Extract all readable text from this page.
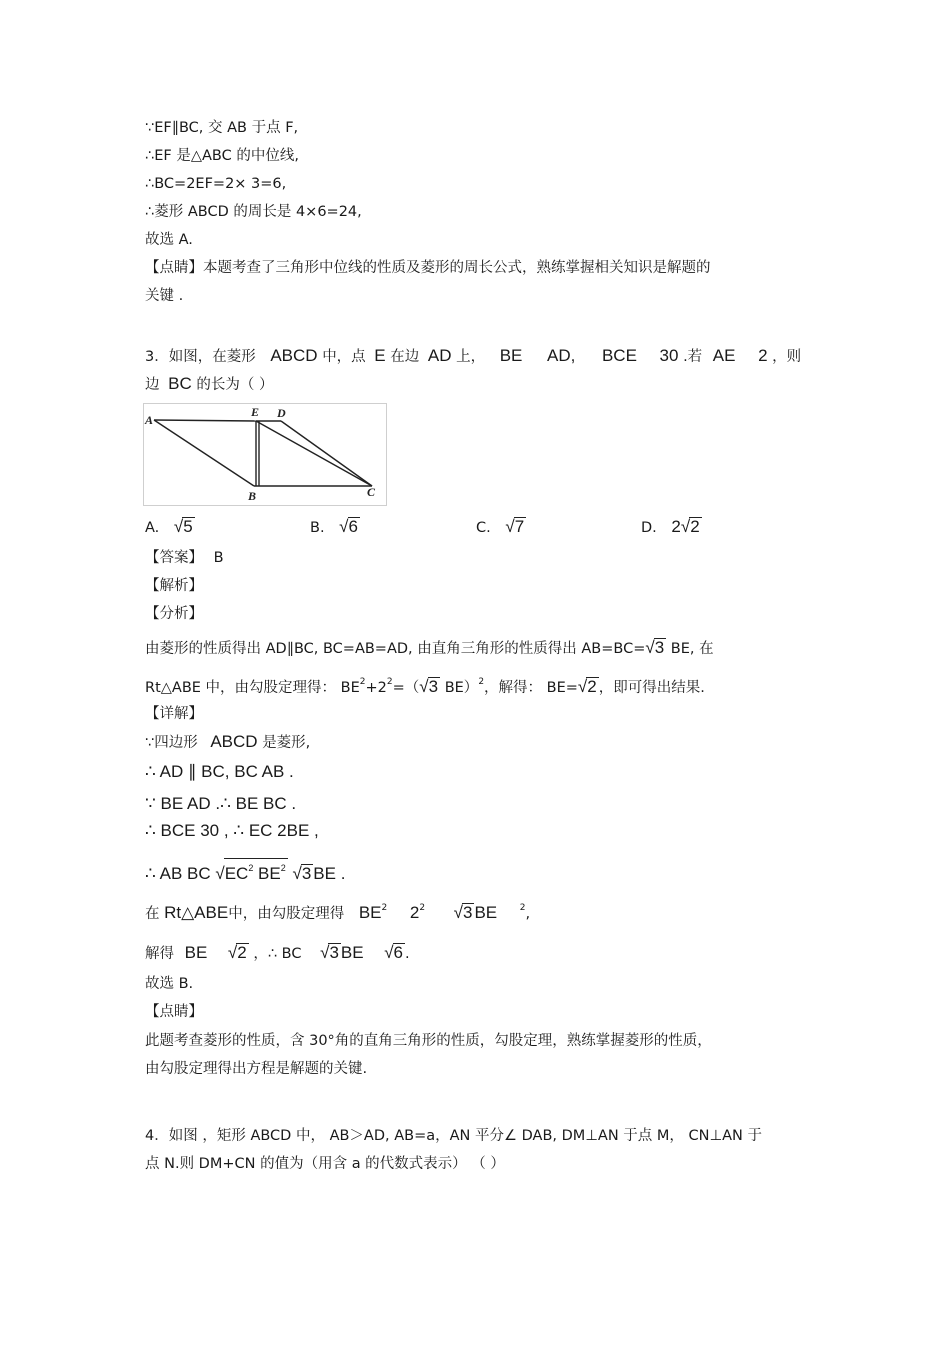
∵EF∥BC, 交 AB 于点 F,
∴EF 是△ABC 的中位线,
∴BC=2EF=2× 3=6,
∴菱形 ABCD 的周长是 4×6=24,
故选 A.
【点睛】本题考查了三角形中位线的性质及菱形的周长公式，熟练掌握相关知识是解题的
关键 .
3．如图，在菱形 ABCD 中，点 E 在边 AD 上， BE AD, BCE 30 .若 AE 2 ，则
边 BC 的长为（ ）
A
E D
B	C
A. √5	B. √6	C. √7	D. 2√2
【答案】 B
【解析】
【分析】
由菱形的性质得出 AD∥BC, BC=AB=AD, 由直角三角形的性质得出 AB=BC=√3 BE, 在
Rt△ABE 中，由勾股定理得： $BE^2+2^2=(√3$ BE）$^2$，解得： BE=√2 ，即可得出结果.
【详解】
∵四边形 ABCD 是菱形,
∴ AD ∥ BC, BC AB .
∵ BE AD .∴ BE BC .
∴ BCE 30 , ∴ EC 2BE ,
∴ AB BC $√EC^2$ $BE^2$ √3 BE .
在 Rt△ABE中，由勾股定理得 $BE^2$ $2^2$ √3 BE	$^2$,
解得 BE √2 ，∴ BC √3 BE √6 .
故选 B.
【点睛】
此题考查菱形的性质，含 30°角的直角三角形的性质，勾股定理，熟练掌握菱形的性质，
由勾股定理得出方程是解题的关键.
4．如图 ，矩形 ABCD 中， AB＞AD, AB=a，AN 平分∠ DAB, DM⊥AN 于点 M， CN⊥AN 于
点 N.则 DM+CN 的值为（用含 a 的代数式表示） （ ）
